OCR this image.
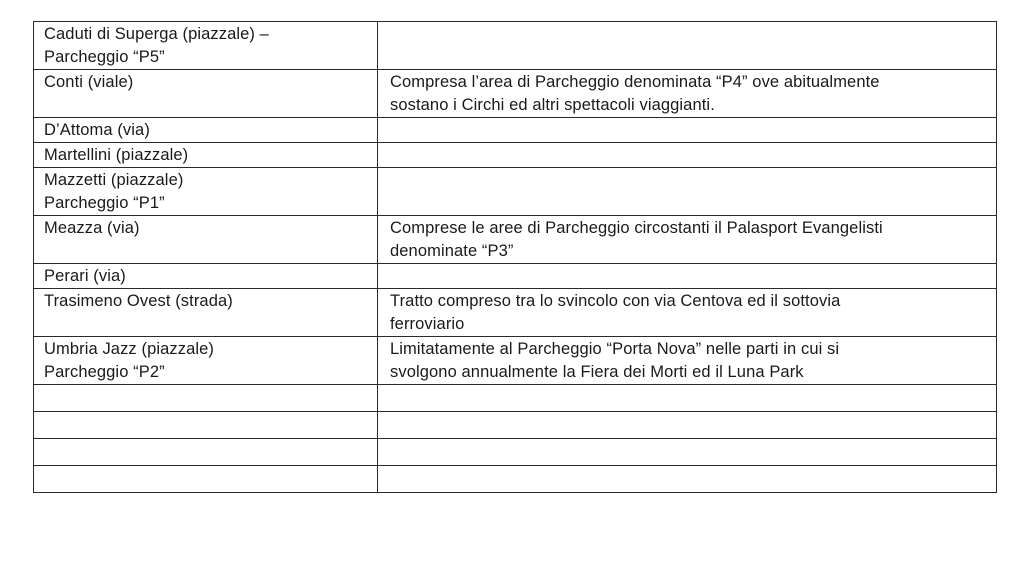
Caduti di Superga (piazzale) –
Parcheggio “P5”	

Conti (viale)	Compresa l’area di Parcheggio denominata “P4” ove abitualmente
sostano i Circhi ed altri spettacoli viaggianti.

D’Attoma (via)	

Martellini (piazzale)	

Mazzetti (piazzale)
Parcheggio “P1”	

Meazza (via)	Comprese le aree di Parcheggio circostanti il Palasport Evangelisti
denominate “P3”

Perari (via)	

Trasimeno Ovest (strada)	Tratto compreso tra lo svincolo con via Centova ed il sottovia
ferroviario

Umbria Jazz (piazzale)
Parcheggio “P2”	Limitatamente al Parcheggio “Porta Nova” nelle parti in cui si
svolgono annualmente la Fiera dei Morti ed il Luna Park
